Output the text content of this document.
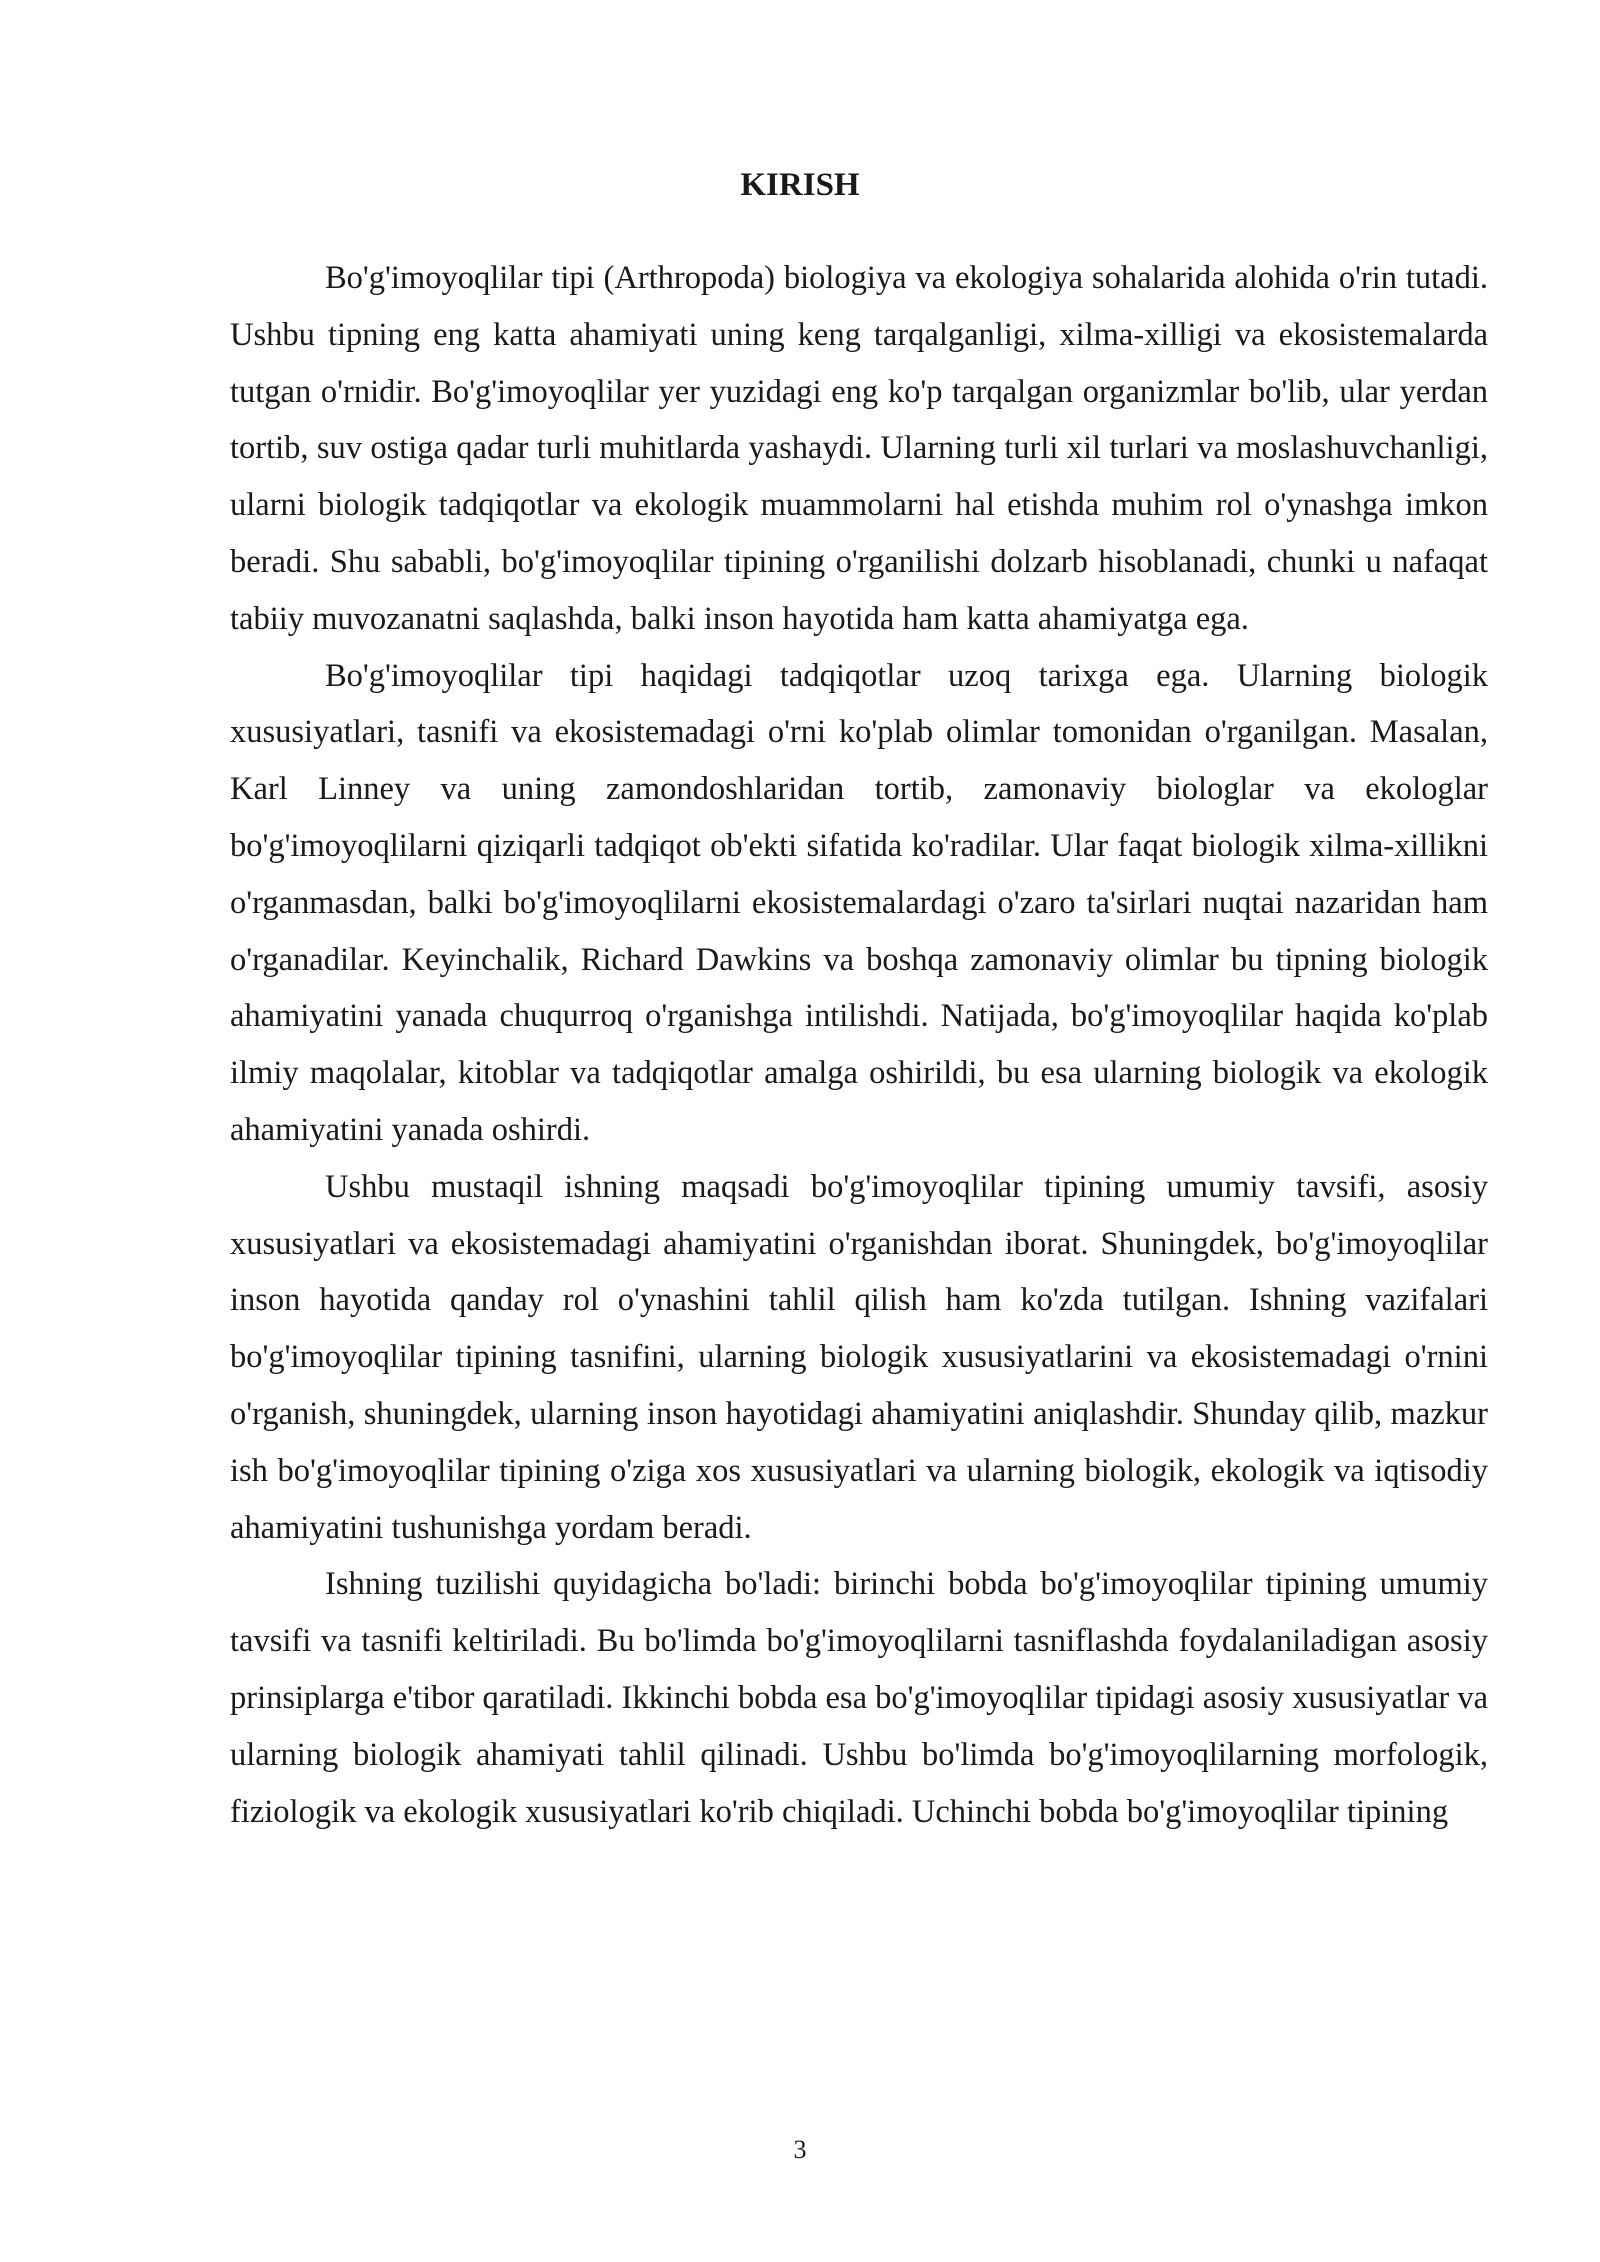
KIRISH

Bo'g'imoyoqlilar tipi (Arthropoda) biologiya va ekologiya sohalarida alohida o'rin tutadi. Ushbu tipning eng katta ahamiyati uning keng tarqalganligi, xilma-xilligi va ekosistemalarda tutgan o'rnidir. Bo'g'imoyoqlilar yer yuzidagi eng ko'p tarqalgan organizmlar bo'lib, ular yerdan tortib, suv ostiga qadar turli muhitlarda yashaydi. Ularning turli xil turlari va moslashuvchanligi, ularni biologik tadqiqotlar va ekologik muammolarni hal etishda muhim rol o'ynashga imkon beradi. Shu sababli, bo'g'imoyoqlilar tipining o'rganilishi dolzarb hisoblanadi, chunki u nafaqat tabiiy muvozanatni saqlashda, balki inson hayotida ham katta ahamiyatga ega.

Bo'g'imoyoqlilar tipi haqidagi tadqiqotlar uzoq tarixga ega. Ularning biologik xususiyatlari, tasnifi va ekosistemadagi o'rni ko'plab olimlar tomonidan o'rganilgan. Masalan, Karl Linney va uning zamondoshlaridan tortib, zamonaviy biologlar va ekologlar bo'g'imoyoqlilarni qiziqarli tadqiqot ob'ekti sifatida ko'radilar. Ular faqat biologik xilma-xillikni o'rganmasdan, balki bo'g'imoyoqlilarni ekosistemalardagi o'zaro ta'sirlari nuqtai nazaridan ham o'rganadilar. Keyinchalik, Richard Dawkins va boshqa zamonaviy olimlar bu tipning biologik ahamiyatini yanada chuqurroq o'rganishga intilishdi. Natijada, bo'g'imoyoqlilar haqida ko'plab ilmiy maqolalar, kitoblar va tadqiqotlar amalga oshirildi, bu esa ularning biologik va ekologik ahamiyatini yanada oshirdi.

Ushbu mustaqil ishning maqsadi bo'g'imoyoqlilar tipining umumiy tavsifi, asosiy xususiyatlari va ekosistemadagi ahamiyatini o'rganishdan iborat. Shuningdek, bo'g'imoyoqlilar inson hayotida qanday rol o'ynashini tahlil qilish ham ko'zda tutilgan. Ishning vazifalari bo'g'imoyoqlilar tipining tasnifini, ularning biologik xususiyatlarini va ekosistemadagi o'rnini o'rganish, shuningdek, ularning inson hayotidagi ahamiyatini aniqlashdir. Shunday qilib, mazkur ish bo'g'imoyoqlilar tipining o'ziga xos xususiyatlari va ularning biologik, ekologik va iqtisodiy ahamiyatini tushunishga yordam beradi.

Ishning tuzilishi quyidagicha bo'ladi: birinchi bobda bo'g'imoyoqlilar tipining umumiy tavsifi va tasnifi keltiriladi. Bu bo'limda bo'g'imoyoqlilarni tasniflashda foydalaniladigan asosiy prinsiplarga e'tibor qaratiladi. Ikkinchi bobda esa bo'g'imoyoqlilar tipidagi asosiy xususiyatlar va ularning biologik ahamiyati tahlil qilinadi. Ushbu bo'limda bo'g'imoyoqlilarning morfologik, fiziologik va ekologik xususiyatlari ko'rib chiqiladi. Uchinchi bobda bo'g'imoyoqlilar tipining

3
